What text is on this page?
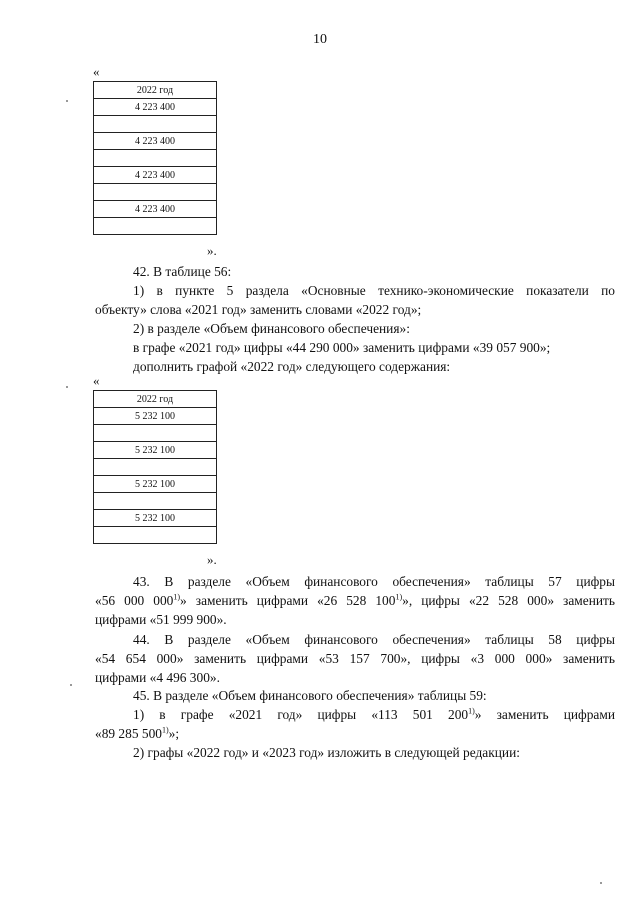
10
«
2022 год
4 223 400

4 223 400

4 223 400

4 223 400

».
42. В таблице 56:
1) в пункте 5 раздела «Основные технико-экономические показатели по
объекту» слова «2021 год» заменить словами «2022 год»;
2) в разделе «Объем финансового обеспечения»:
в графе «2021 год» цифры «44 290 000» заменить цифрами «39 057 900»;
дополнить графой «2022 год» следующего содержания:
«
2022 год
5 232 100

5 232 100

5 232 100

5 232 100

».
43. В разделе «Объем финансового обеспечения» таблицы 57 цифры
«56 000 000$^{1)}$» заменить цифрами «26 528 100$^{1)}$», цифры «22 528 000» заменить
цифрами «51 999 900».
44. В разделе «Объем финансового обеспечения» таблицы 58 цифры
«54 654 000» заменить цифрами «53 157 700», цифры «3 000 000» заменить
цифрами «4 496 300».
45. В разделе «Объем финансового обеспечения» таблицы 59:
1) в графе «2021 год» цифры «113 501 200$^{1)}$» заменить цифрами
«89 285 500$^{1)}$»;
2) графы «2022 год» и «2023 год» изложить в следующей редакции:
